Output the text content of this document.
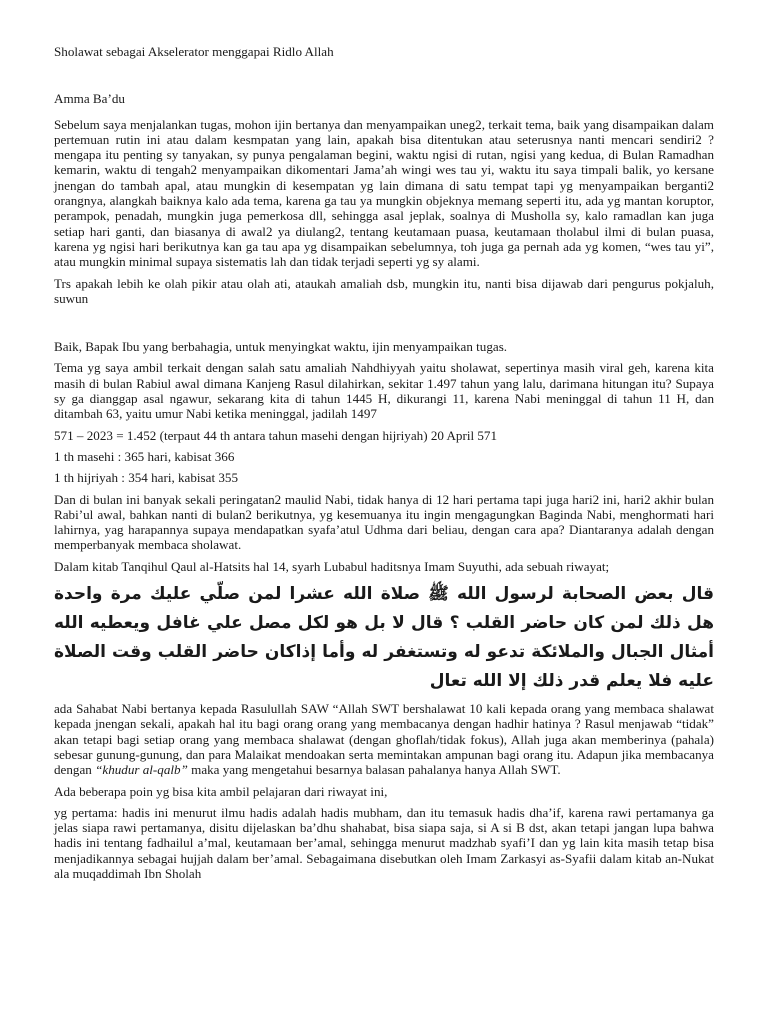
Sholawat sebagai Akselerator menggapai Ridlo Allah
Amma Ba’du

Sebelum saya menjalankan tugas, mohon ijin bertanya dan menyampaikan uneg2, terkait tema, baik yang disampaikan dalam pertemuan rutin ini atau dalam kesmpatan yang lain, apakah bisa ditentukan atau seterusnya nanti mencari sendiri2 ? mengapa itu penting sy tanyakan, sy punya pengalaman begini, waktu ngisi di rutan, ngisi yang kedua, di Bulan Ramadhan kemarin, waktu di tengah2 menyampaikan dikomentari Jama’ah wingi wes tau yi, waktu itu saya timpali balik, yo kersane jnengan do tambah apal, atau mungkin di kesempatan yg lain dimana di satu tempat tapi yg menyampaikan berganti2 orangnya, alangkah baiknya kalo ada tema, karena ga tau ya mungkin objeknya memang seperti itu, ada yg mantan koruptor, perampok, penadah, mungkin juga pemerkosa dll, sehingga asal jeplak, soalnya di Musholla sy, kalo ramadlan kan juga setiap hari ganti, dan biasanya di awal2 ya diulang2, tentang keutamaan puasa, keutamaan tholabul ilmi di bulan puasa, karena yg ngisi hari berikutnya kan ga tau apa yg disampaikan sebelumnya, toh juga ga pernah ada yg komen, “wes tau yi”, atau mungkin minimal supaya sistematis lah dan tidak terjadi seperti yg sy alami.

Trs apakah lebih ke olah pikir atau olah ati, ataukah amaliah dsb, mungkin itu, nanti bisa dijawab dari pengurus pokjaluh, suwun

Baik, Bapak Ibu yang berbahagia, untuk menyingkat waktu, ijin menyampaikan tugas.

Tema yg saya ambil terkait dengan salah satu amaliah Nahdhiyyah yaitu sholawat, sepertinya masih viral geh, karena kita masih di bulan Rabiul awal dimana Kanjeng Rasul dilahirkan, sekitar 1.497 tahun yang lalu, darimana hitungan itu? Supaya sy ga dianggap asal ngawur, sekarang kita di tahun 1445 H, dikurangi 11, karena Nabi meninggal di tahun 11 H, dan ditambah 63, yaitu umur Nabi ketika meninggal, jadilah 1497

571 – 2023 = 1.452 (terpaut 44 th antara tahun masehi dengan hijriyah) 20 April 571

1 th masehi : 365 hari, kabisat 366

1 th hijriyah : 354 hari, kabisat 355

Dan di bulan ini banyak sekali peringatan2 maulid Nabi, tidak hanya di 12 hari pertama tapi juga hari2 ini, hari2 akhir bulan Rabi’ul awal, bahkan nanti di bulan2 berikutnya, yg kesemuanya itu ingin mengagungkan Baginda Nabi, menghormati hari lahirnya, yag harapannya supaya mendapatkan syafa’atul Udhma dari beliau, dengan cara apa? Diantaranya adalah dengan memperbanyak membaca sholawat.

Dalam kitab Tanqihul Qaul al-Hatsits hal 14, syarh Lubabul haditsnya Imam Suyuthi, ada sebuah riwayat;

قال بعض الصحابة لرسول الله ﷺ صلاة الله عشرا لمن صلّي عليك مرة واحدة هل ذلك لمن كان حاضر القلب ؟ قال لا بل هو لكل مصل علي غافل ويعطيه الله أمثال الجبال والملائكة تدعو له وتستغفر له وأما إذاكان حاضر القلب وقت الصلاة عليه فلا يعلم قدر ذلك إلا الله تعال

ada Sahabat Nabi bertanya kepada Rasulullah SAW “Allah SWT bershalawat 10 kali kepada orang yang membaca shalawat kepada jnengan sekali, apakah hal itu bagi orang orang yang membacanya dengan hadhir hatinya ? Rasul menjawab “tidak” akan tetapi bagi setiap orang yang membaca shalawat (dengan ghoflah/tidak fokus), Allah juga akan memberinya (pahala) sebesar gunung-gunung, dan para Malaikat mendoakan serta memintakan ampunan bagi orang itu. Adapun jika membacanya dengan “khudur al-qalb” maka yang mengetahui besarnya balasan pahalanya hanya Allah SWT.

Ada beberapa poin yg bisa kita ambil pelajaran dari riwayat ini,

yg pertama: hadis ini menurut ilmu hadis adalah hadis mubham, dan itu temasuk hadis dha’if, karena rawi pertamanya ga jelas siapa rawi pertamanya, disitu dijelaskan ba’dhu shahabat, bisa siapa saja, si A si B dst, akan tetapi jangan lupa bahwa hadis ini tentang fadhailul a’mal, keutamaan ber’amal, sehingga menurut madzhab syafi’I dan yg lain kita masih tetap bisa menjadikannya sebagai hujjah dalam ber’amal. Sebagaimana disebutkan oleh Imam Zarkasyi as-Syafii dalam kitab an-Nukat ala muqaddimah Ibn Sholah
